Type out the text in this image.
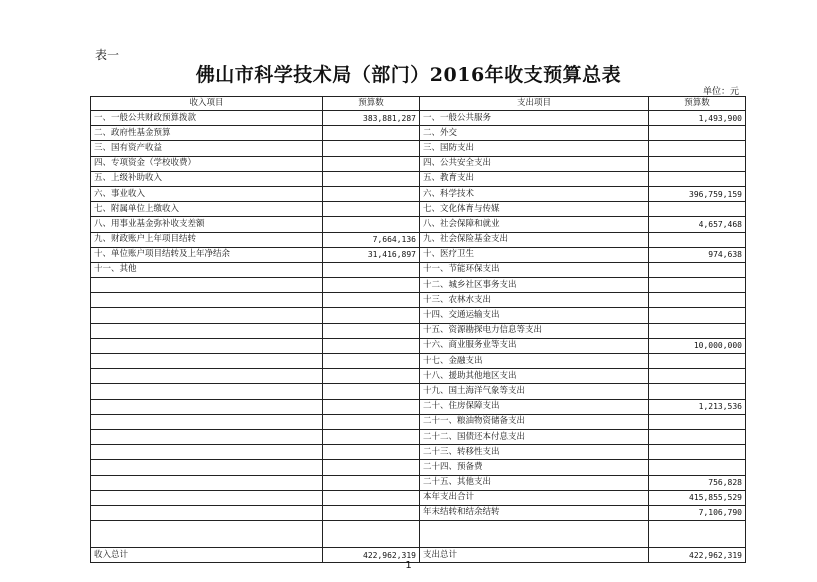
表一
佛山市科学技术局（部门）2016年收支预算总表
单位：元
收入项目	预算数	支出项目	预算数
一、一般公共财政预算拨款	383,881,287	一、一般公共服务	1,493,900
二、政府性基金预算		二、外交	
三、国有资产收益		三、国防支出	
四、专项资金（学校收费）		四、公共安全支出	
五、上级补助收入		五、教育支出	
六、事业收入		六、科学技术	396,759,159
七、附属单位上缴收入		七、文化体育与传媒	
八、用事业基金弥补收支差额		八、社会保障和就业	4,657,468
九、财政账户上年项目结转	7,664,136	九、社会保险基金支出	
十、单位账户项目结转及上年净结余	31,416,897	十、医疗卫生	974,638
十一、其他		十一、节能环保支出	
		十二、城乡社区事务支出	
		十三、农林水支出	
		十四、交通运输支出	
		十五、资源勘探电力信息等支出	
		十六、商业服务业等支出	10,000,000
		十七、金融支出	
		十八、援助其他地区支出	
		十九、国土海洋气象等支出	
		二十、住房保障支出	1,213,536
		二十一、粮油物资储备支出	
		二十二、国债还本付息支出	
		二十三、转移性支出	
		二十四、预备费	
		二十五、其他支出	756,828
		本年支出合计	415,855,529
		年末结转和结余结转	7,106,790

收入总计	422,962,319	支出总计	422,962,319
1
